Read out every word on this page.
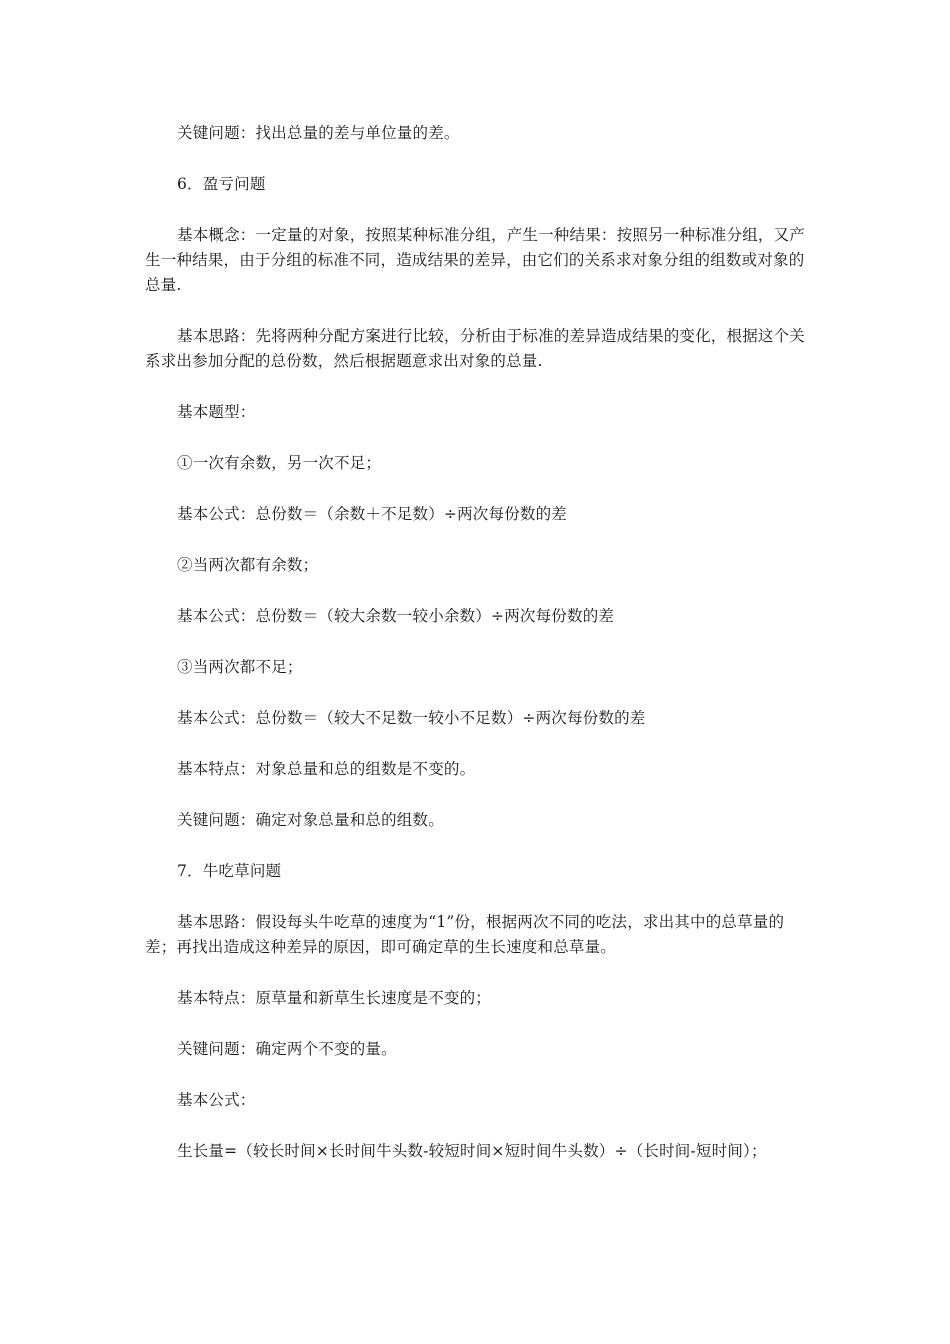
关键问题：找出总量的差与单位量的差。

6．盈亏问题

基本概念：一定量的对象，按照某种标准分组，产生一种结果：按照另一种标准分组，又产生一种结果，由于分组的标准不同，造成结果的差异，由它们的关系求对象分组的组数或对象的总量.

基本思路：先将两种分配方案进行比较，分析由于标准的差异造成结果的变化，根据这个关系求出参加分配的总份数，然后根据题意求出对象的总量.

基本题型：

①一次有余数，另一次不足；

基本公式：总份数＝（余数＋不足数）÷两次每份数的差

②当两次都有余数；

基本公式：总份数＝（较大余数一较小余数）÷两次每份数的差

③当两次都不足；

基本公式：总份数＝（较大不足数一较小不足数）÷两次每份数的差

基本特点：对象总量和总的组数是不变的。

关键问题：确定对象总量和总的组数。

7．牛吃草问题

基本思路：假设每头牛吃草的速度为“1”份，根据两次不同的吃法，求出其中的总草量的差；再找出造成这种差异的原因，即可确定草的生长速度和总草量。

基本特点：原草量和新草生长速度是不变的；

关键问题：确定两个不变的量。

基本公式：

生长量=（较长时间×长时间牛头数-较短时间×短时间牛头数）÷（长时间-短时间）；
